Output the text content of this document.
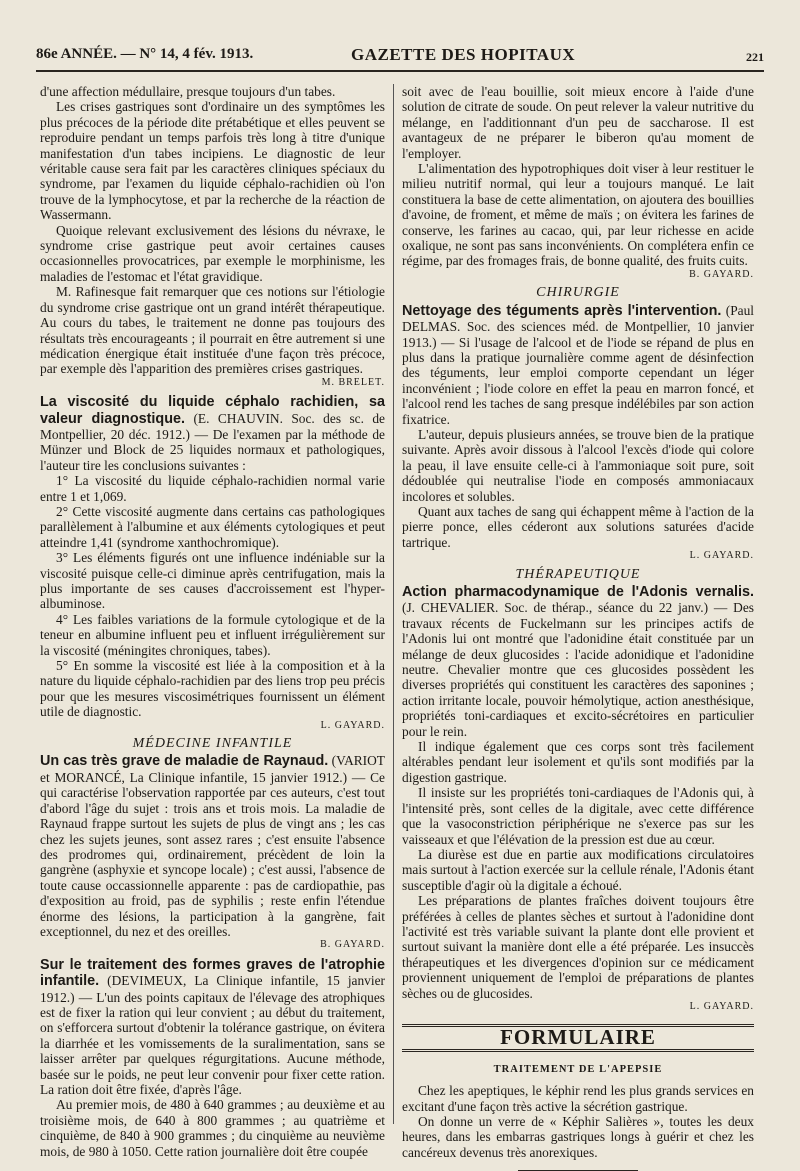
86e ANNÉE. — N° 14, 4 fév. 1913.	GAZETTE DES HOPITAUX	221

d'une affection médullaire, presque toujours d'un tabes.

Les crises gastriques sont d'ordinaire un des symptômes les plus précoces de la période dite prétabétique et elles peuvent se reproduire pendant un temps parfois très long à titre d'unique manifestation d'un tabes incipiens. Le diagnostic de leur véritable cause sera fait par les caractères cliniques spéciaux du syndrome, par l'examen du liquide céphalo-rachidien où l'on trouve de la lymphocytose, et par la recherche de la réaction de Wassermann.

Quoique relevant exclusivement des lésions du névraxe, le syndrome crise gastrique peut avoir certaines causes occasionnelles provocatrices, par exemple le morphinisme, les maladies de l'estomac et l'état gravidique.

M. Rafinesque fait remarquer que ces notions sur l'étiologie du syndrome crise gastrique ont un grand intérêt thérapeutique. Au cours du tabes, le traitement ne donne pas toujours des résultats très encourageants ; il pourrait en être autrement si une médication énergique était instituée d'une façon très précoce, par exemple dès l'apparition des premières crises gastriques.

M. BRELET.

La viscosité du liquide céphalo rachidien, sa valeur diagnostique. (E. CHAUVIN. Soc. des sc. de Montpellier, 20 déc. 1912.) — De l'examen par la méthode de Münzer und Block de 25 liquides normaux et pathologiques, l'auteur tire les conclusions suivantes :

1° La viscosité du liquide céphalo-rachidien normal varie entre 1 et 1,069.

2° Cette viscosité augmente dans certains cas pathologiques parallèlement à l'albumine et aux éléments cytologiques et peut atteindre 1,41 (syndrome xanthochromique).

3° Les éléments figurés ont une influence indéniable sur la viscosité puisque celle-ci diminue après centrifugation, mais la plus importante de ses causes d'accroissement est l'hyper-albuminose.

4° Les faibles variations de la formule cytologique et de la teneur en albumine influent peu et influent irrégulièrement sur la viscosité (méningites chroniques, tabes).

5° En somme la viscosité est liée à la composition et à la nature du liquide céphalo-rachidien par des liens trop peu précis pour que les mesures viscosimétriques fournissent un élément utile de diagnostic.

L. GAYARD.
MÉDECINE INFANTILE

Un cas très grave de maladie de Raynaud. (VARIOT et MORANCÉ, La Clinique infantile, 15 janvier 1912.) — Ce qui caractérise l'observation rapportée par ces auteurs, c'est tout d'abord l'âge du sujet : trois ans et trois mois. La maladie de Raynaud frappe surtout les sujets de plus de vingt ans ; les cas chez les sujets jeunes, sont assez rares ; c'est ensuite l'absence des prodromes qui, ordinairement, précèdent de loin la gangrène (asphyxie et syncope locale) ; c'est aussi, l'absence de toute cause occassionnelle apparente : pas de cardiopathie, pas d'exposition au froid, pas de syphilis ; reste enfin l'étendue énorme des lésions, la participation à la gangrène, fait exceptionnel, du nez et des oreilles.

B. GAYARD.

Sur le traitement des formes graves de l'atrophie infantile. (DEVIMEUX, La Clinique infantile, 15 janvier 1912.) — L'un des points capitaux de l'élevage des atrophiques est de fixer la ration qui leur convient ; au début du traitement, on s'efforcera surtout d'obtenir la tolérance gastrique, on évitera la diarrhée et les vomissements de la suralimentation, sans se laisser arrêter par quelques régurgitations. Aucune méthode, basée sur le poids, ne peut leur convenir pour fixer cette ration. La ration doit être fixée, d'après l'âge.

Au premier mois, de 480 à 640 grammes ; au deuxième et au troisième mois, de 640 à 800 grammes ; au quatrième et cinquième, de 840 à 900 grammes ; du cinquième au neuvième mois, de 980 à 1050. Cette ration journalière doit être coupée

soit avec de l'eau bouillie, soit mieux encore à l'aide d'une solution de citrate de soude. On peut relever la valeur nutritive du mélange, en l'additionnant d'un peu de saccharose. Il est avantageux de ne préparer le biberon qu'au moment de l'employer.

L'alimentation des hypotrophiques doit viser à leur restituer le milieu nutritif normal, qui leur a toujours manqué. Le lait constituera la base de cette alimentation, on ajoutera des bouillies d'avoine, de froment, et même de maïs ; on évitera les farines de conserve, les farines au cacao, qui, par leur richesse en acide oxalique, ne sont pas sans inconvénients. On complétera enfin ce régime, par des fromages frais, de bonne qualité, des fruits cuits.

B. GAYARD.
CHIRURGIE

Nettoyage des téguments après l'intervention. (Paul DELMAS. Soc. des sciences méd. de Montpellier, 10 janvier 1913.) — Si l'usage de l'alcool et de l'iode se répand de plus en plus dans la pratique journalière comme agent de désinfection des téguments, leur emploi comporte cependant un léger inconvénient ; l'iode colore en effet la peau en marron foncé, et l'alcool rend les taches de sang presque indélébiles par son action fixatrice.

L'auteur, depuis plusieurs années, se trouve bien de la pratique suivante. Après avoir dissous à l'alcool l'excès d'iode qui colore la peau, il lave ensuite celle-ci à l'ammoniaque soit pure, soit dédoublée qui neutralise l'iode en composés ammoniacaux incolores et solubles.

Quant aux taches de sang qui échappent même à l'action de la pierre ponce, elles céderont aux solutions saturées d'acide tartrique.

L. GAYARD.
THÉRAPEUTIQUE

Action pharmacodynamique de l'Adonis vernalis. (J. CHEVALIER. Soc. de thérap., séance du 22 janv.) — Des travaux récents de Fuckelmann sur les principes actifs de l'Adonis lui ont montré que l'adonidine était constituée par un mélange de deux glucosides : l'acide adonidique et l'adonidine neutre. Chevalier montre que ces glucosides possèdent les diverses propriétés qui constituent les caractères des saponines ; action irritante locale, pouvoir hémolytique, action anesthésique, propriétés toni-cardiaques et excito-sécrétoires en particulier pour le rein.

Il indique également que ces corps sont très facilement altérables pendant leur isolement et qu'ils sont modifiés par la digestion gastrique.

Il insiste sur les propriétés toni-cardiaques de l'Adonis qui, à l'intensité près, sont celles de la digitale, avec cette différence que la vasoconstriction périphérique ne s'exerce pas sur les vaisseaux et que l'élévation de la pression est due au cœur.

La diurèse est due en partie aux modifications circulatoires mais surtout à l'action exercée sur la cellule rénale, l'Adonis étant susceptible d'agir où la digitale a échoué.

Les préparations de plantes fraîches doivent toujours être préférées à celles de plantes sèches et surtout à l'adonidine dont l'activité est très variable suivant la plante dont elle provient et surtout suivant la manière dont elle a été préparée. Les insuccès thérapeutiques et les divergences d'opinion sur ce médicament proviennent uniquement de l'emploi de préparations de plantes sèches ou de glucosides.

L. GAYARD.
FORMULAIRE
TRAITEMENT DE L'APEPSIE

Chez les apeptiques, le képhir rend les plus grands services en excitant d'une façon très active la sécrétion gastrique.

On donne un verre de « Képhir Salières », toutes les deux heures, dans les embarras gastriques longs à guérir et chez les cancéreux devenus très anorexiques.
